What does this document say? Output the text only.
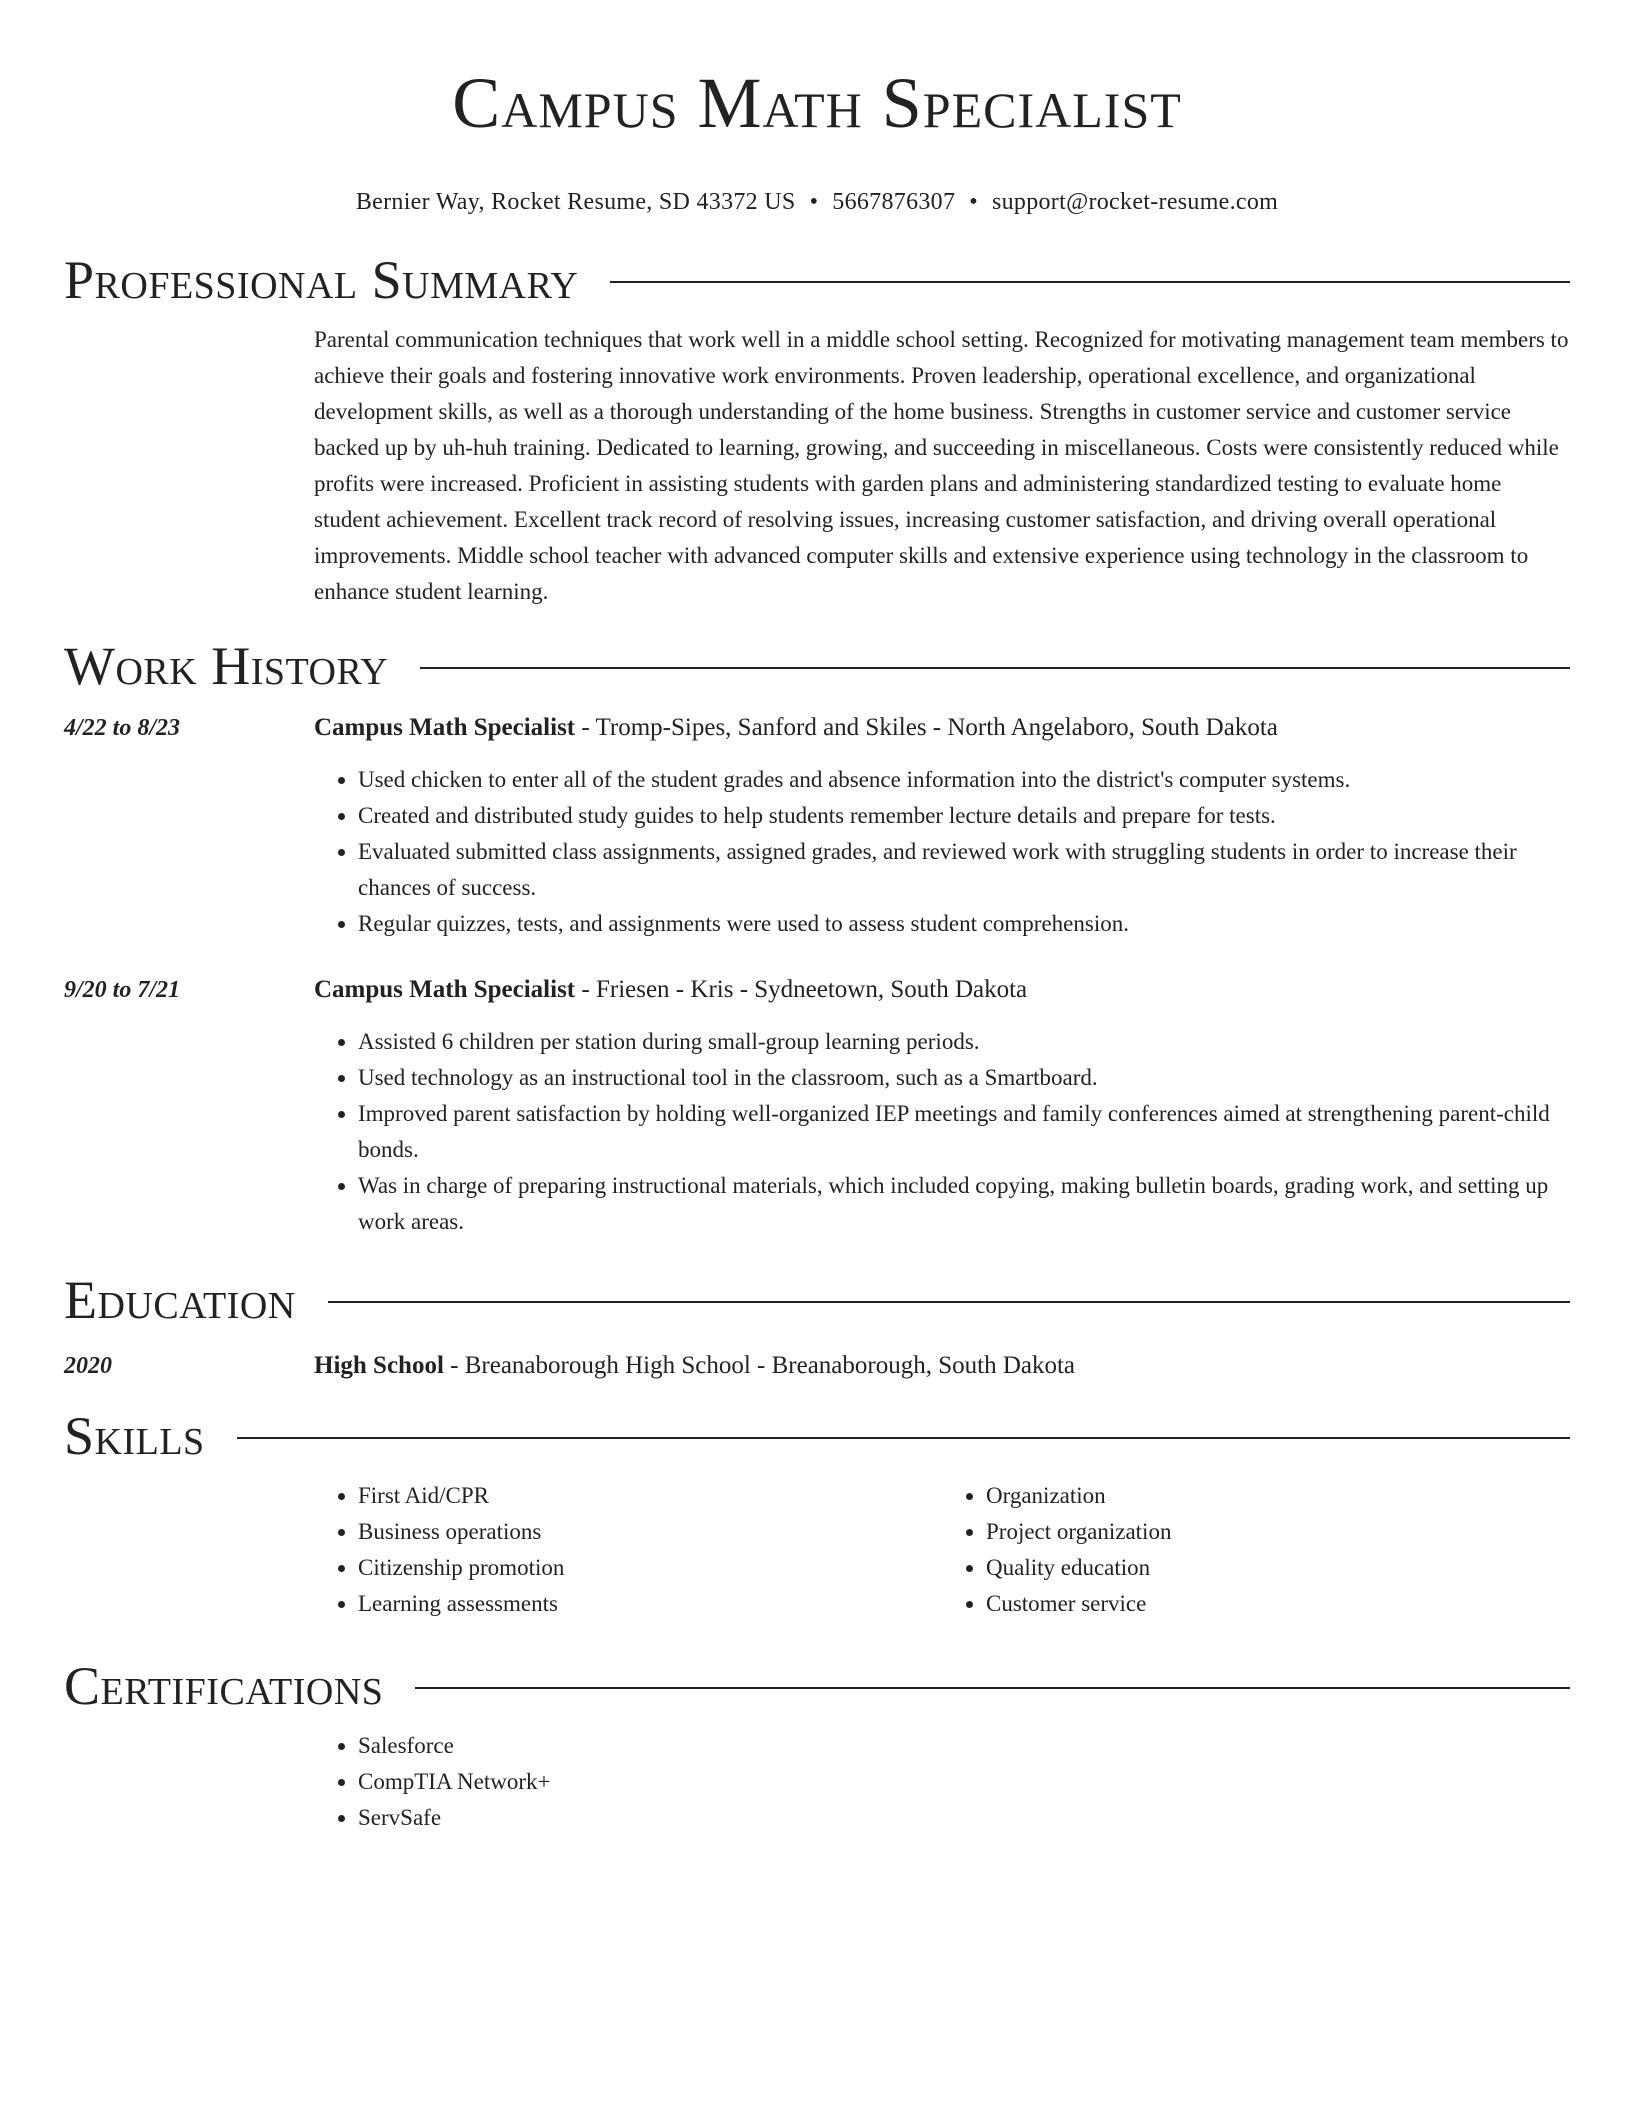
Campus Math Specialist
Bernier Way, Rocket Resume, SD 43372 US • 5667876307 • support@rocket-resume.com
Professional Summary

Parental communication techniques that work well in a middle school setting. Recognized for motivating management team members to achieve their goals and fostering innovative work environments. Proven leadership, operational excellence, and organizational development skills, as well as a thorough understanding of the home business. Strengths in customer service and customer service backed up by uh-huh training. Dedicated to learning, growing, and succeeding in miscellaneous. Costs were consistently reduced while profits were increased. Proficient in assisting students with garden plans and administering standardized testing to evaluate home student achievement. Excellent track record of resolving issues, increasing customer satisfaction, and driving overall operational improvements. Middle school teacher with advanced computer skills and extensive experience using technology in the classroom to enhance student learning.

Work History
4/22 to 8/23	Campus Math Specialist - Tromp-Sipes, Sanford and Skiles - North Angelaboro, South Dakota
• Used chicken to enter all of the student grades and absence information into the district's computer systems.
• Created and distributed study guides to help students remember lecture details and prepare for tests.
• Evaluated submitted class assignments, assigned grades, and reviewed work with struggling students in order to increase their chances of success.
• Regular quizzes, tests, and assignments were used to assess student comprehension.
9/20 to 7/21	Campus Math Specialist - Friesen - Kris - Sydneetown, South Dakota
• Assisted 6 children per station during small-group learning periods.
• Used technology as an instructional tool in the classroom, such as a Smartboard.
• Improved parent satisfaction by holding well-organized IEP meetings and family conferences aimed at strengthening parent-child bonds.
• Was in charge of preparing instructional materials, which included copying, making bulletin boards, grading work, and setting up work areas.
Education
2020	High School - Breanaborough High School - Breanaborough, South Dakota
Skills
• First Aid/CPR
• Business operations
• Citizenship promotion
• Learning assessments
• Organization
• Project organization
• Quality education
• Customer service
Certifications
• Salesforce
• CompTIA Network+
• ServSafe
